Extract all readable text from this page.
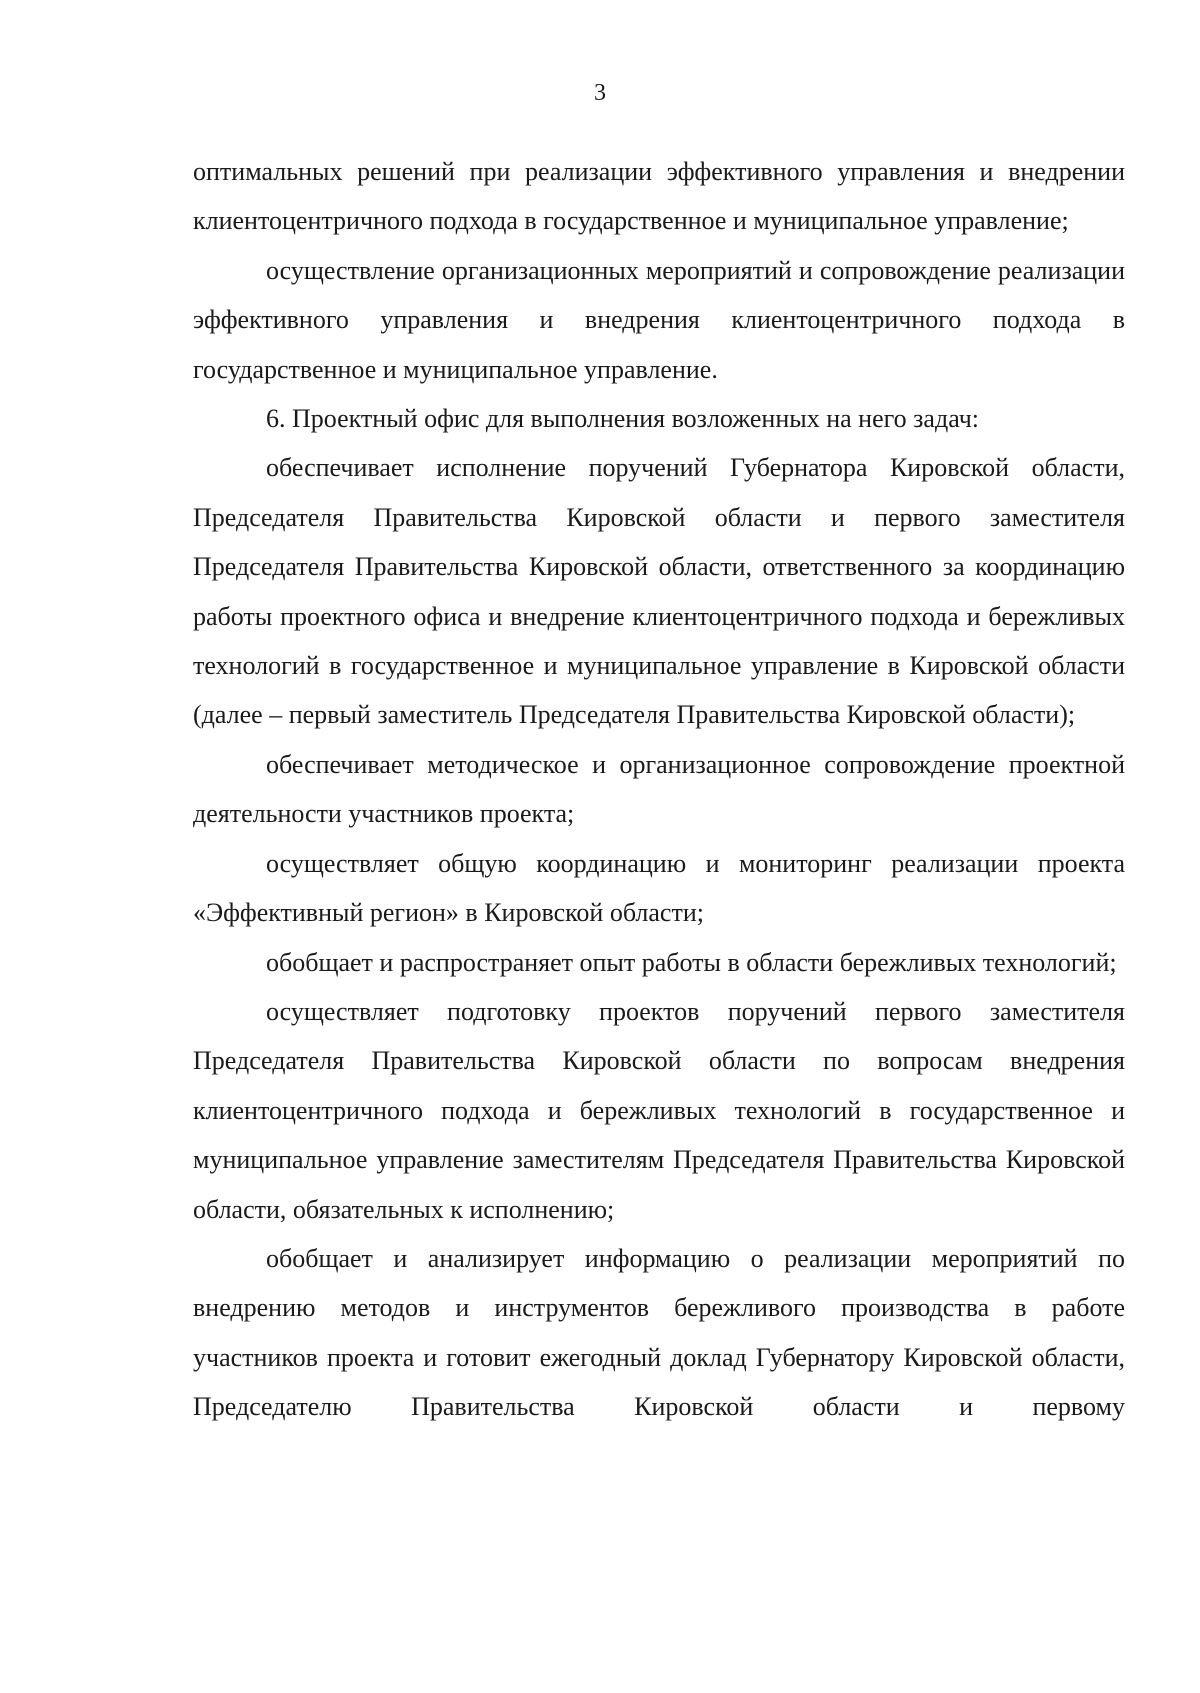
3

оптимальных решений при реализации эффективного управления и внедрении клиентоцентричного подхода в государственное и муниципальное управление;

осуществление организационных мероприятий и сопровождение реализации эффективного управления и внедрения клиентоцентричного подхода в государственное и муниципальное управление.

6. Проектный офис для выполнения возложенных на него задач:

обеспечивает исполнение поручений Губернатора Кировской области, Председателя Правительства Кировской области и первого заместителя Председателя Правительства Кировской области, ответственного за координацию работы проектного офиса и внедрение клиентоцентричного подхода и бережливых технологий в государственное и муниципальное управление в Кировской области (далее – первый заместитель Председателя Правительства Кировской области);

обеспечивает методическое и организационное сопровождение проектной деятельности участников проекта;

осуществляет общую координацию и мониторинг реализации проекта «Эффективный регион» в Кировской области;

обобщает и распространяет опыт работы в области бережливых технологий;

осуществляет подготовку проектов поручений первого заместителя Председателя Правительства Кировской области по вопросам внедрения клиентоцентричного подхода и бережливых технологий в государственное и муниципальное управление заместителям Председателя Правительства Кировской области, обязательных к исполнению;

обобщает и анализирует информацию о реализации мероприятий по внедрению методов и инструментов бережливого производства в работе участников проекта и готовит ежегодный доклад Губернатору Кировской области, Председателю Правительства Кировской области и первому
